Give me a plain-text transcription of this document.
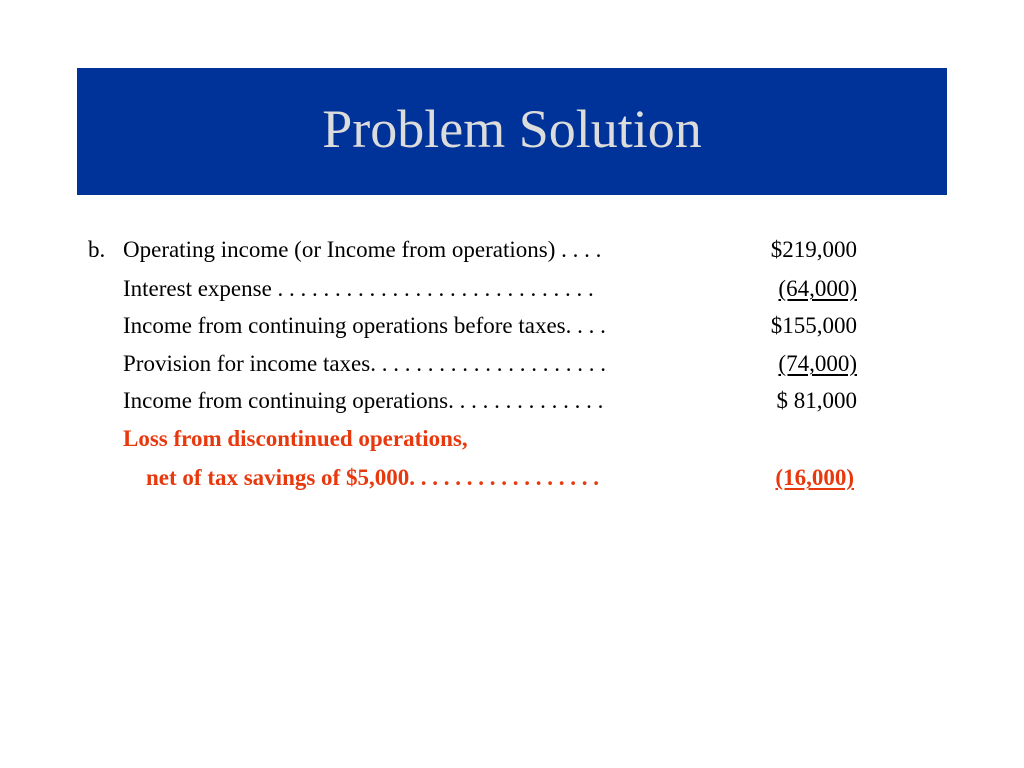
Problem Solution
b. Operating income (or Income from operations) . . . .	$219,000
Interest expense . . . . . . . . . . . . . . . . . . . . . . . . . . . .	(64,000)
Income from continuing operations before taxes. . . .	$155,000
Provision for income taxes. . . . . . . . . . . . . . . . . . . . .	(74,000)
Income from continuing operations. . . . . . . . . . . . . .	$ 81,000
Loss from discontinued operations,
net of tax savings of $5,000. . . . . . . . . . . . . . . . .	(16,000)
